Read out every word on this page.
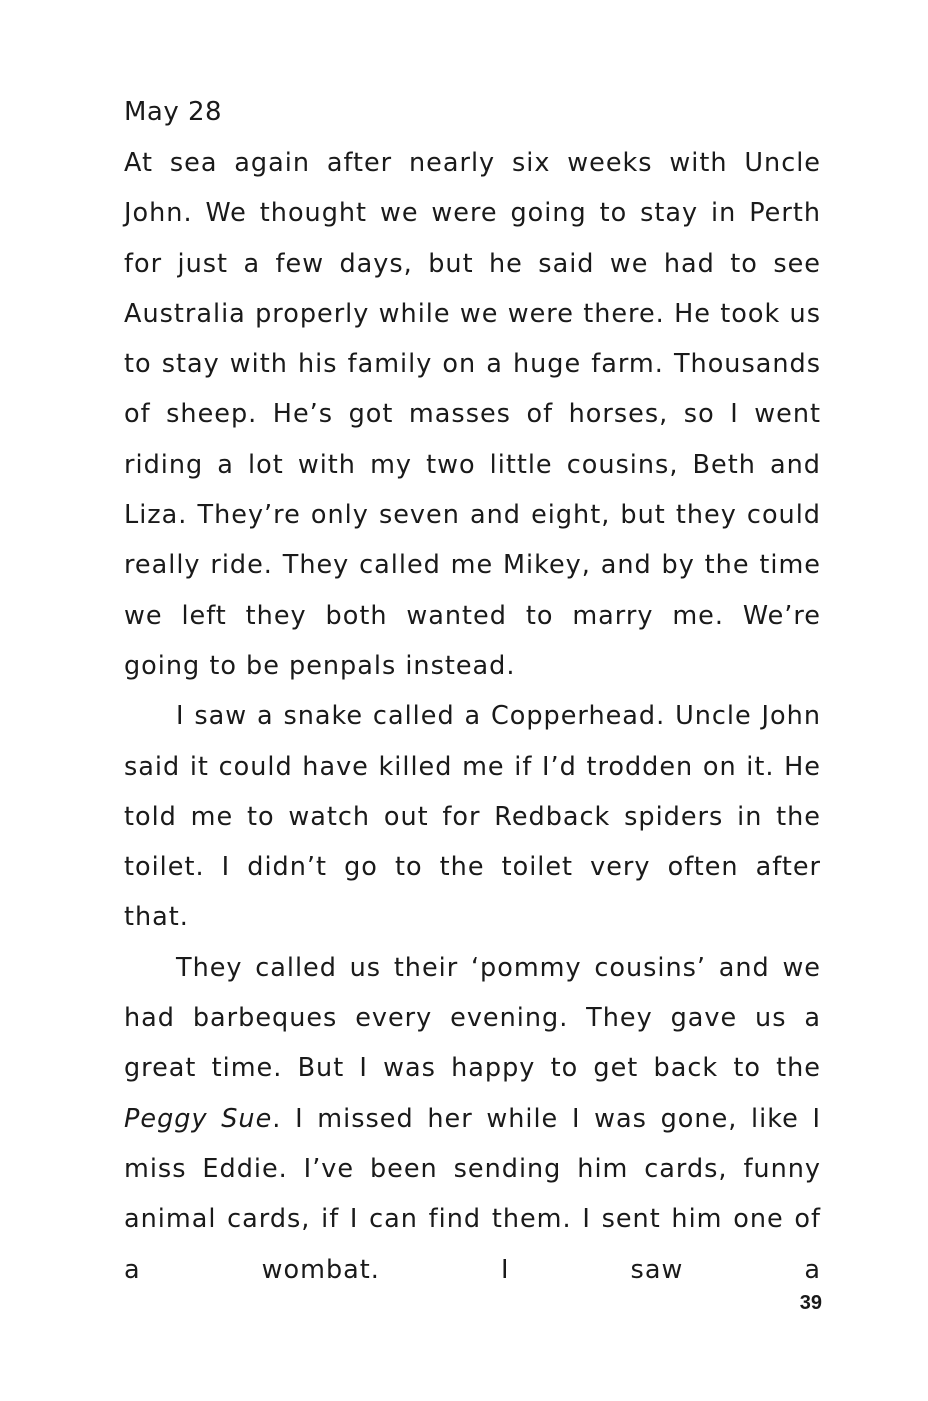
May 28

At sea again after nearly six weeks with Uncle John. We thought we were going to stay in Perth for just a few days, but he said we had to see Australia properly while we were there. He took us to stay with his family on a huge farm. Thousands of sheep. He’s got masses of horses, so I went riding a lot with my two little cousins, Beth and Liza. They’re only seven and eight, but they could really ride. They called me Mikey, and by the time we left they both wanted to marry me. We’re going to be penpals instead.

I saw a snake called a Copperhead. Uncle John said it could have killed me if I’d trodden on it. He told me to watch out for Redback spiders in the toilet. I didn’t go to the toilet very often after that.

They called us their ‘pommy cousins’ and we had barbeques every evening. They gave us a great time. But I was happy to get back to the Peggy Sue. I missed her while I was gone, like I miss Eddie. I’ve been sending him cards, funny animal cards, if I can find them. I sent him one of a wombat. I saw a

39
